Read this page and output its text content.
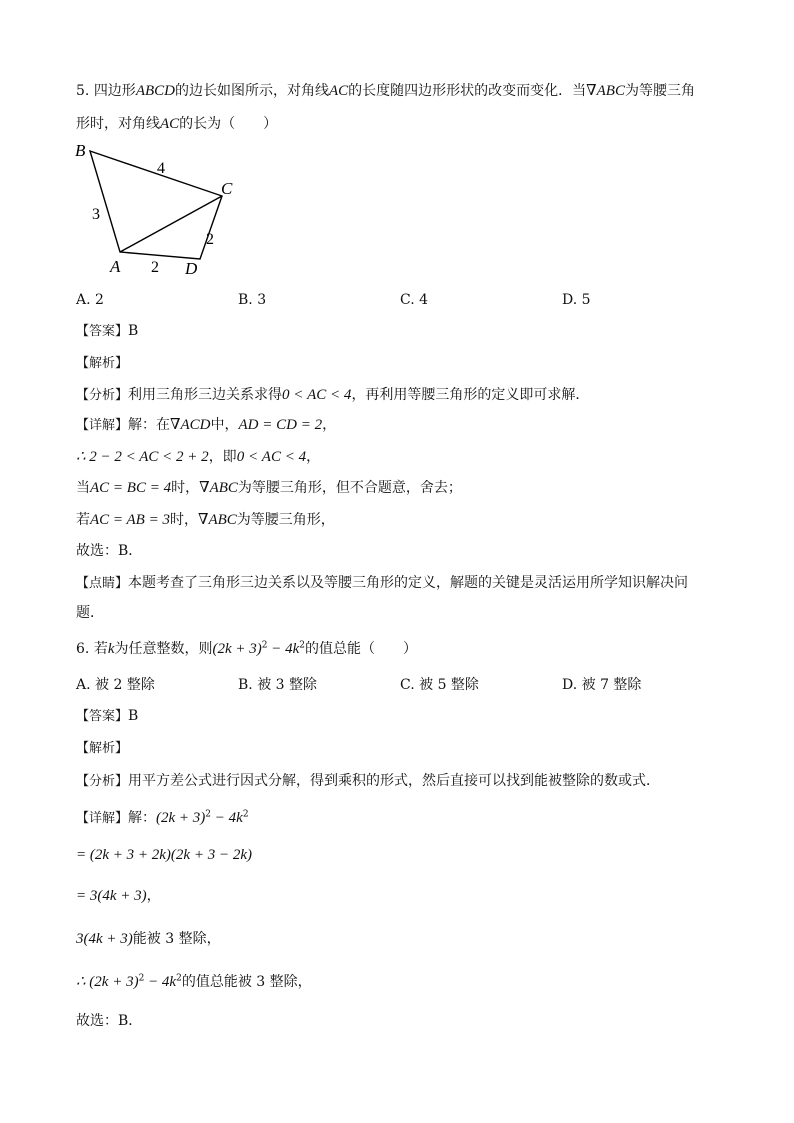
5. 四边形ABCD的边长如图所示，对角线AC的长度随四边形形状的改变而变化．当∇ABC为等腰三角
形时，对角线AC的长为（　　）
B
C
A	D
4
3
2
2
A. 2	B. 3	C. 4	D. 5
【答案】B
【解析】
【分析】利用三角形三边关系求得0 < AC < 4，再利用等腰三角形的定义即可求解．
【详解】解：在∇ACD中，AD = CD = 2，
∴ 2 − 2 < AC < 2 + 2，即0 < AC < 4，
当AC = BC = 4时，∇ABC为等腰三角形，但不合题意，舍去；
若AC = AB = 3时，∇ABC为等腰三角形，
故选：B．
【点睛】本题考查了三角形三边关系以及等腰三角形的定义，解题的关键是灵活运用所学知识解决问
题．
6. 若k为任意整数，则$(2k + 3)^2 - 4k^2$的值总能（　　）
A. 被 2 整除	B. 被 3 整除	C. 被 5 整除	D. 被 7 整除
【答案】B
【解析】
【分析】用平方差公式进行因式分解，得到乘积的形式，然后直接可以找到能被整除的数或式．
【详解】解：$(2k + 3)^2 - 4k^2$
= (2k + 3 + 2k)(2k + 3 − 2k)
= 3(4k + 3)，
3(4k + 3)能被 3 整除，
∴ $(2k + 3)^2 - 4k^2$的值总能被 3 整除，
故选：B．
